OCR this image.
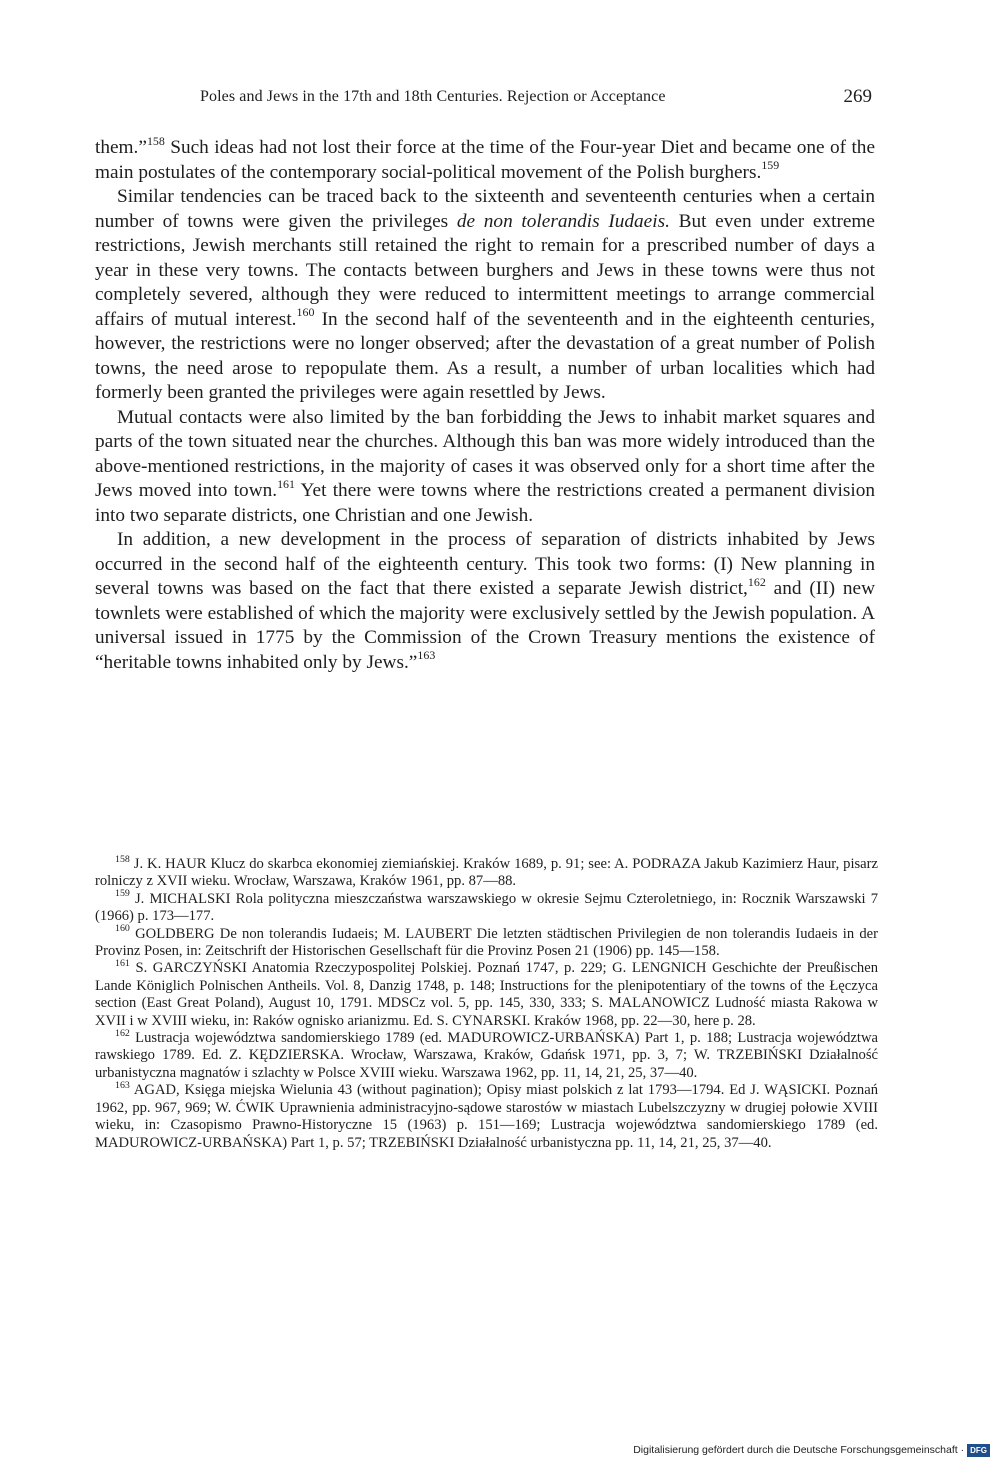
Poles and Jews in the 17th and 18th Centuries. Rejection or Acceptance	269

them.”$^{158}$ Such ideas had not lost their force at the time of the Four-year Diet and became one of the main postulates of the contemporary social-political movement of the Polish burghers.$^{159}$

Similar tendencies can be traced back to the sixteenth and seventeenth centuries when a certain number of towns were given the privileges de non tolerandis Iudaeis. But even under extreme restrictions, Jewish merchants still retained the right to remain for a prescribed number of days a year in these very towns. The contacts between burghers and Jews in these towns were thus not completely severed, although they were reduced to intermittent meetings to arrange commercial affairs of mutual interest.$^{160}$ In the second half of the seventeenth and in the eighteenth centuries, however, the restrictions were no longer observed; after the devastation of a great number of Polish towns, the need arose to repopulate them. As a result, a number of urban localities which had formerly been granted the privileges were again resettled by Jews.

Mutual contacts were also limited by the ban forbidding the Jews to inhabit market squares and parts of the town situated near the churches. Although this ban was more widely introduced than the above-mentioned restrictions, in the majority of cases it was observed only for a short time after the Jews moved into town.$^{161}$ Yet there were towns where the restrictions created a permanent division into two separate districts, one Christian and one Jewish.

In addition, a new development in the process of separation of districts inhabited by Jews occurred in the second half of the eighteenth century. This took two forms: (I) New planning in several towns was based on the fact that there existed a separate Jewish district,$^{162}$ and (II) new townlets were established of which the majority were exclusively settled by the Jewish population. A universal issued in 1775 by the Commission of the Crown Treasury mentions the existence of “heritable towns inhabited only by Jews.”$^{163}$

$^{158}$ J. K. HAUR Klucz do skarbca ekonomiej ziemiańskiej. Kraków 1689, p. 91; see: A. PODRAZA Jakub Kazimierz Haur, pisarz rolniczy z XVII wieku. Wrocław, Warszawa, Kraków 1961, pp. 87—88.

$^{159}$ J. MICHALSKI Rola polityczna mieszczaństwa warszawskiego w okresie Sejmu Czteroletniego, in: Rocznik Warszawski 7 (1966) p. 173—177.

$^{160}$ GOLDBERG De non tolerandis Iudaeis; M. LAUBERT Die letzten städtischen Privilegien de non tolerandis Iudaeis in der Provinz Posen, in: Zeitschrift der Historischen Gesellschaft für die Provinz Posen 21 (1906) pp. 145—158.

$^{161}$ S. GARCZYŃSKI Anatomia Rzeczypospolitej Polskiej. Poznań 1747, p. 229; G. LENGNICH Geschichte der Preußischen Lande Königlich Polnischen Antheils. Vol. 8, Danzig 1748, p. 148; Instructions for the plenipotentiary of the towns of the Łęczyca section (East Great Poland), August 10, 1791. MDSCz vol. 5, pp. 145, 330, 333; S. MALANOWICZ Ludność miasta Rakowa w XVII i w XVIII wieku, in: Raków ognisko arianizmu. Ed. S. CYNARSKI. Kraków 1968, pp. 22—30, here p. 28.

$^{162}$ Lustracja województwa sandomierskiego 1789 (ed. MADUROWICZ-URBAŃSKA) Part 1, p. 188; Lustracja województwa rawskiego 1789. Ed. Z. KĘDZIERSKA. Wrocław, Warszawa, Kraków, Gdańsk 1971, pp. 3, 7; W. TRZEBIŃSKI Działalność urbanistyczna magnatów i szlachty w Polsce XVIII wieku. Warszawa 1962, pp. 11, 14, 21, 25, 37—40.

$^{163}$ AGAD, Księga miejska Wielunia 43 (without pagination); Opisy miast polskich z lat 1793—1794. Ed J. WĄSICKI. Poznań 1962, pp. 967, 969; W. ĆWIK Uprawnienia administracyjno-sądowe starostów w miastach Lubelszczyzny w drugiej połowie XVIII wieku, in: Czasopismo Prawno-Historyczne 15 (1963) p. 151—169; Lustracja województwa sandomierskiego 1789 (ed. MADUROWICZ-URBAŃSKA) Part 1, p. 57; TRZEBIŃSKI Działalność urbanistyczna pp. 11, 14, 21, 25, 37—40.

Digitalisierung gefördert durch die Deutsche Forschungsgemeinschaft · DFG
